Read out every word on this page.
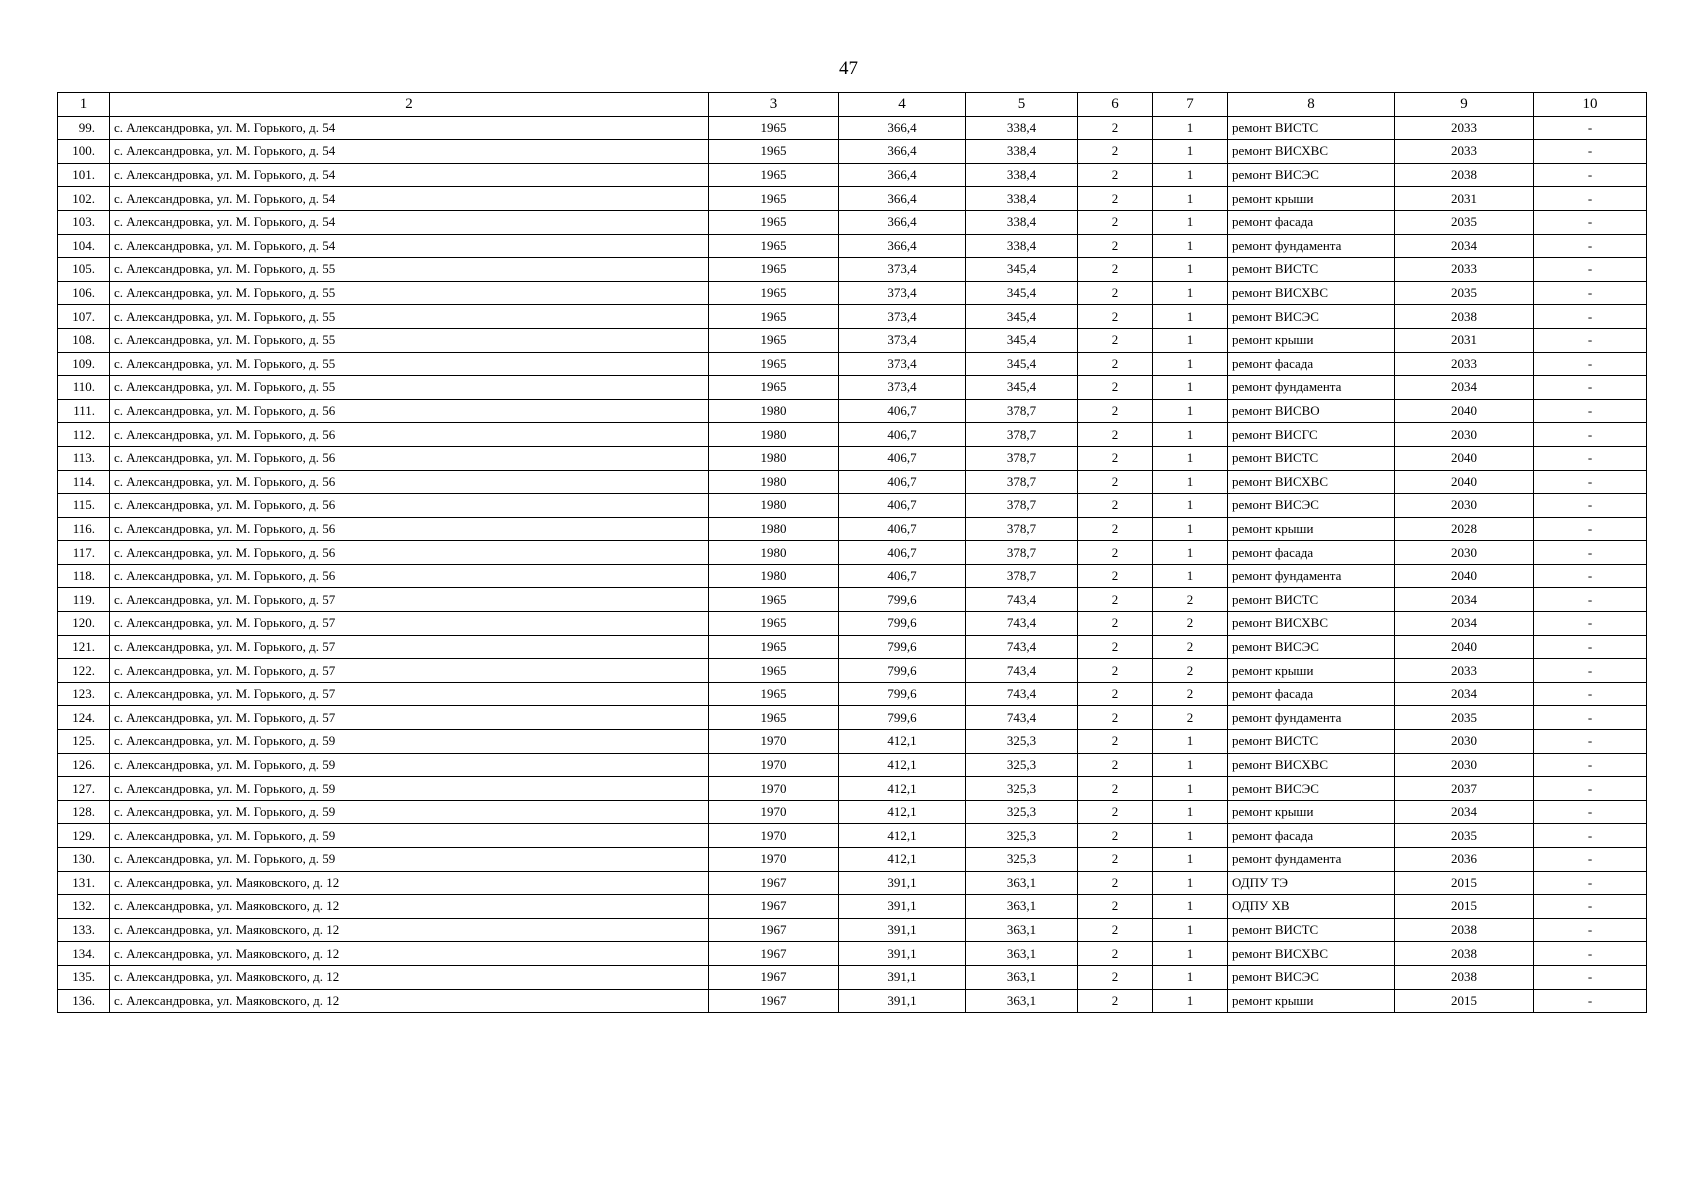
47
1	2	3	4	5	6	7	8	9	10
99.	с. Александровка, ул. М. Горького, д. 54	1965	366,4	338,4	2	1	ремонт ВИСТС	2033	-
100.	с. Александровка, ул. М. Горького, д. 54	1965	366,4	338,4	2	1	ремонт ВИСХВС	2033	-
101.	с. Александровка, ул. М. Горького, д. 54	1965	366,4	338,4	2	1	ремонт ВИСЭС	2038	-
102.	с. Александровка, ул. М. Горького, д. 54	1965	366,4	338,4	2	1	ремонт крыши	2031	-
103.	с. Александровка, ул. М. Горького, д. 54	1965	366,4	338,4	2	1	ремонт фасада	2035	-
104.	с. Александровка, ул. М. Горького, д. 54	1965	366,4	338,4	2	1	ремонт фундамента	2034	-
105.	с. Александровка, ул. М. Горького, д. 55	1965	373,4	345,4	2	1	ремонт ВИСТС	2033	-
106.	с. Александровка, ул. М. Горького, д. 55	1965	373,4	345,4	2	1	ремонт ВИСХВС	2035	-
107.	с. Александровка, ул. М. Горького, д. 55	1965	373,4	345,4	2	1	ремонт ВИСЭС	2038	-
108.	с. Александровка, ул. М. Горького, д. 55	1965	373,4	345,4	2	1	ремонт крыши	2031	-
109.	с. Александровка, ул. М. Горького, д. 55	1965	373,4	345,4	2	1	ремонт фасада	2033	-
110.	с. Александровка, ул. М. Горького, д. 55	1965	373,4	345,4	2	1	ремонт фундамента	2034	-
111.	с. Александровка, ул. М. Горького, д. 56	1980	406,7	378,7	2	1	ремонт ВИСВО	2040	-
112.	с. Александровка, ул. М. Горького, д. 56	1980	406,7	378,7	2	1	ремонт ВИСГС	2030	-
113.	с. Александровка, ул. М. Горького, д. 56	1980	406,7	378,7	2	1	ремонт ВИСТС	2040	-
114.	с. Александровка, ул. М. Горького, д. 56	1980	406,7	378,7	2	1	ремонт ВИСХВС	2040	-
115.	с. Александровка, ул. М. Горького, д. 56	1980	406,7	378,7	2	1	ремонт ВИСЭС	2030	-
116.	с. Александровка, ул. М. Горького, д. 56	1980	406,7	378,7	2	1	ремонт крыши	2028	-
117.	с. Александровка, ул. М. Горького, д. 56	1980	406,7	378,7	2	1	ремонт фасада	2030	-
118.	с. Александровка, ул. М. Горького, д. 56	1980	406,7	378,7	2	1	ремонт фундамента	2040	-
119.	с. Александровка, ул. М. Горького, д. 57	1965	799,6	743,4	2	2	ремонт ВИСТС	2034	-
120.	с. Александровка, ул. М. Горького, д. 57	1965	799,6	743,4	2	2	ремонт ВИСХВС	2034	-
121.	с. Александровка, ул. М. Горького, д. 57	1965	799,6	743,4	2	2	ремонт ВИСЭС	2040	-
122.	с. Александровка, ул. М. Горького, д. 57	1965	799,6	743,4	2	2	ремонт крыши	2033	-
123.	с. Александровка, ул. М. Горького, д. 57	1965	799,6	743,4	2	2	ремонт фасада	2034	-
124.	с. Александровка, ул. М. Горького, д. 57	1965	799,6	743,4	2	2	ремонт фундамента	2035	-
125.	с. Александровка, ул. М. Горького, д. 59	1970	412,1	325,3	2	1	ремонт ВИСТС	2030	-
126.	с. Александровка, ул. М. Горького, д. 59	1970	412,1	325,3	2	1	ремонт ВИСХВС	2030	-
127.	с. Александровка, ул. М. Горького, д. 59	1970	412,1	325,3	2	1	ремонт ВИСЭС	2037	-
128.	с. Александровка, ул. М. Горького, д. 59	1970	412,1	325,3	2	1	ремонт крыши	2034	-
129.	с. Александровка, ул. М. Горького, д. 59	1970	412,1	325,3	2	1	ремонт фасада	2035	-
130.	с. Александровка, ул. М. Горького, д. 59	1970	412,1	325,3	2	1	ремонт фундамента	2036	-
131.	с. Александровка, ул. Маяковского, д. 12	1967	391,1	363,1	2	1	ОДПУ ТЭ	2015	-
132.	с. Александровка, ул. Маяковского, д. 12	1967	391,1	363,1	2	1	ОДПУ ХВ	2015	-
133.	с. Александровка, ул. Маяковского, д. 12	1967	391,1	363,1	2	1	ремонт ВИСТС	2038	-
134.	с. Александровка, ул. Маяковского, д. 12	1967	391,1	363,1	2	1	ремонт ВИСХВС	2038	-
135.	с. Александровка, ул. Маяковского, д. 12	1967	391,1	363,1	2	1	ремонт ВИСЭС	2038	-
136.	с. Александровка, ул. Маяковского, д. 12	1967	391,1	363,1	2	1	ремонт крыши	2015	-
